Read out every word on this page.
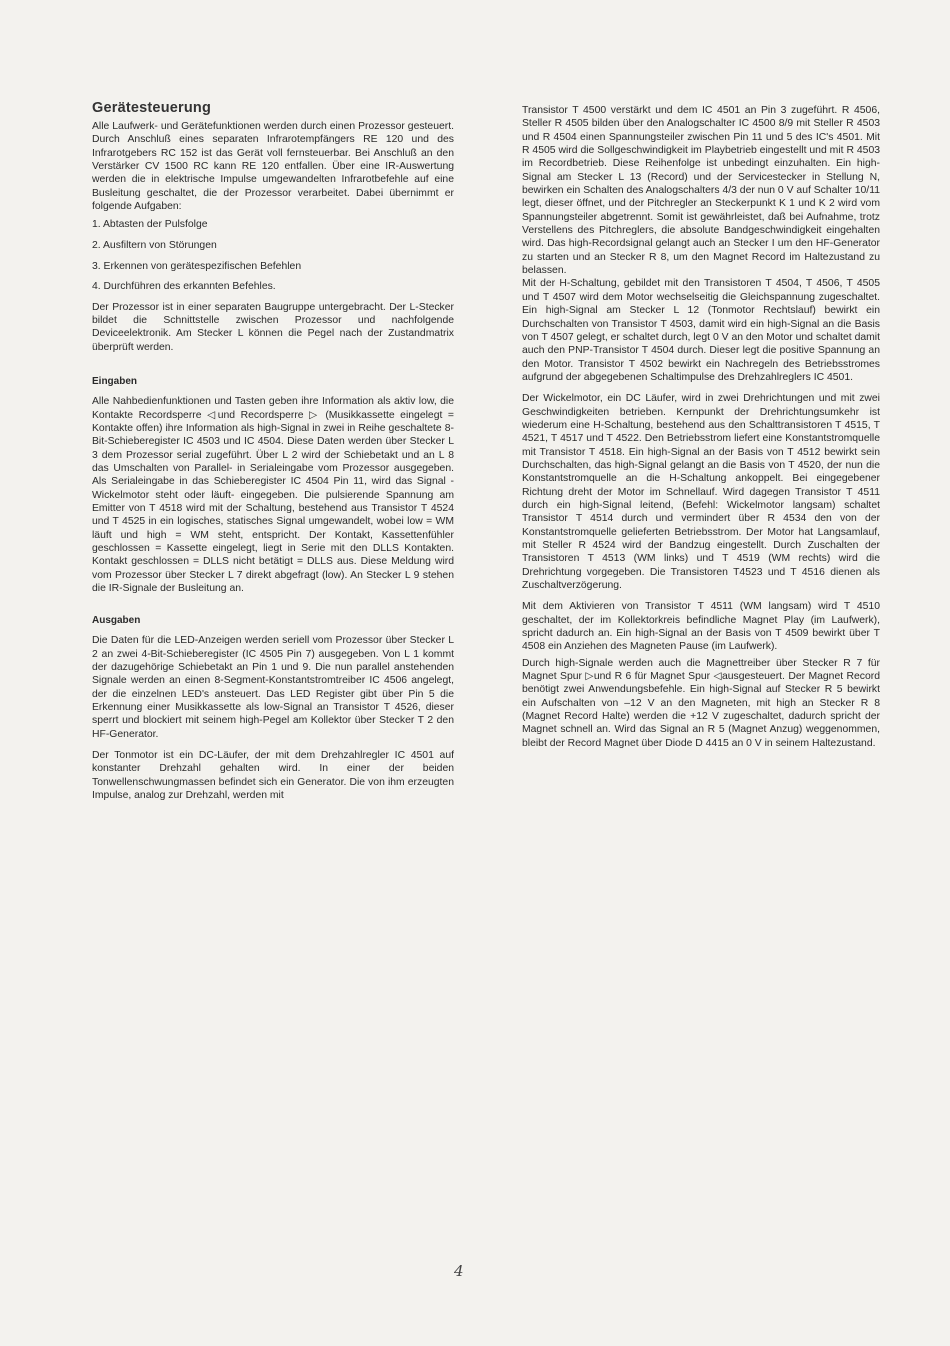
Gerätesteuerung

Alle Laufwerk- und Gerätefunktionen werden durch einen Prozessor gesteuert. Durch Anschluß eines separaten Infrarotempfängers RE 120 und des Infrarotgebers RC 152 ist das Gerät voll fernsteuerbar. Bei Anschluß an den Verstärker CV 1500 RC kann RE 120 entfallen. Über eine IR-Auswertung werden die in elektrische Impulse umgewandelten Infrarotbefehle auf eine Busleitung geschaltet, die der Prozessor verarbeitet. Dabei übernimmt er folgende Aufgaben:

1. Abtasten der Pulsfolge
2. Ausfiltern von Störungen
3. Erkennen von gerätespezifischen Befehlen
4. Durchführen des erkannten Befehles.

Der Prozessor ist in einer separaten Baugruppe untergebracht. Der L-Stecker bildet die Schnittstelle zwischen Prozessor und nachfolgende Deviceelektronik. Am Stecker L können die Pegel nach der Zustandmatrix überprüft werden.

Eingaben

Alle Nahbedienfunktionen und Tasten geben ihre Information als aktiv low, die Kontakte Recordsperre ◁und Recordsperre ▷ (Musikkassette eingelegt = Kontakte offen) ihre Information als high-Signal in zwei in Reihe geschaltete 8-Bit-Schieberegister IC 4503 und IC 4504. Diese Daten werden über Stecker L 3 dem Prozessor serial zugeführt. Über L 2 wird der Schiebetakt und an L 8 das Umschalten von Parallel- in Serialeingabe vom Prozessor ausgegeben. Als Serialeingabe in das Schieberegister IC 4504 Pin 11, wird das Signal -Wickelmotor steht oder läuft- eingegeben. Die pulsierende Spannung am Emitter von T 4518 wird mit der Schaltung, bestehend aus Transistor T 4524 und T 4525 in ein logisches, statisches Signal umgewandelt, wobei low = WM läuft und high = WM steht, entspricht. Der Kontakt, Kassettenfühler geschlossen = Kassette eingelegt, liegt in Serie mit den DLLS Kontakten. Kontakt geschlossen = DLLS nicht betätigt = DLLS aus. Diese Meldung wird vom Prozessor über Stecker L 7 direkt abgefragt (low). An Stecker L 9 stehen die IR-Signale der Busleitung an.

Ausgaben

Die Daten für die LED-Anzeigen werden seriell vom Prozessor über Stecker L 2 an zwei 4-Bit-Schieberegister (IC 4505 Pin 7) ausgegeben. Von L 1 kommt der dazugehörige Schiebetakt an Pin 1 und 9. Die nun parallel anstehenden Signale werden an einen 8-Segment-Konstantstromtreiber IC 4506 angelegt, der die einzelnen LED's ansteuert. Das LED Register gibt über Pin 5 die Erkennung einer Musikkassette als low-Signal an Transistor T 4526, dieser sperrt und blockiert mit seinem high-Pegel am Kollektor über Stecker T 2 den HF-Generator.

Der Tonmotor ist ein DC-Läufer, der mit dem Drehzahlregler IC 4501 auf konstanter Drehzahl gehalten wird. In einer der beiden Tonwellenschwungmassen befindet sich ein Generator. Die von ihm erzeugten Impulse, analog zur Drehzahl, werden mit

Transistor T 4500 verstärkt und dem IC 4501 an Pin 3 zugeführt. R 4506, Steller R 4505 bilden über den Analogschalter IC 4500 8/9 mit Steller R 4503 und R 4504 einen Spannungsteiler zwischen Pin 11 und 5 des IC's 4501. Mit R 4505 wird die Sollgeschwindigkeit im Playbetrieb eingestellt und mit R 4503 im Recordbetrieb. Diese Reihenfolge ist unbedingt einzuhalten. Ein high-Signal am Stecker L 13 (Record) und der Servicestecker in Stellung N, bewirken ein Schalten des Analogschalters 4/3 der nun 0 V auf Schalter 10/11 legt, dieser öffnet, und der Pitchregler an Steckerpunkt K 1 und K 2 wird vom Spannungsteiler abgetrennt. Somit ist gewährleistet, daß bei Aufnahme, trotz Verstellens des Pitchreglers, die absolute Bandgeschwindigkeit eingehalten wird. Das high-Recordsignal gelangt auch an Stecker I um den HF-Generator zu starten und an Stecker R 8, um den Magnet Record im Haltezustand zu belassen.

Mit der H-Schaltung, gebildet mit den Transistoren T 4504, T 4506, T 4505 und T 4507 wird dem Motor wechselseitig die Gleichspannung zugeschaltet. Ein high-Signal am Stecker L 12 (Tonmotor Rechtslauf) bewirkt ein Durchschalten von Transistor T 4503, damit wird ein high-Signal an die Basis von T 4507 gelegt, er schaltet durch, legt 0 V an den Motor und schaltet damit auch den PNP-Transistor T 4504 durch. Dieser legt die positive Spannung an den Motor. Transistor T 4502 bewirkt ein Nachregeln des Betriebsstromes aufgrund der abgegebenen Schaltimpulse des Drehzahlreglers IC 4501.

Der Wickelmotor, ein DC Läufer, wird in zwei Drehrichtungen und mit zwei Geschwindigkeiten betrieben. Kernpunkt der Drehrichtungsumkehr ist wiederum eine H-Schaltung, bestehend aus den Schalttransistoren T 4515, T 4521, T 4517 und T 4522. Den Betriebsstrom liefert eine Konstantstromquelle mit Transistor T 4518. Ein high-Signal an der Basis von T 4512 bewirkt sein Durchschalten, das high-Signal gelangt an die Basis von T 4520, der nun die Konstantstromquelle an die H-Schaltung ankoppelt. Bei eingegebener Richtung dreht der Motor im Schnellauf. Wird dagegen Transistor T 4511 durch ein high-Signal leitend, (Befehl: Wickelmotor langsam) schaltet Transistor T 4514 durch und vermindert über R 4534 den von der Konstantstromquelle gelieferten Betriebsstrom. Der Motor hat Langsamlauf, mit Steller R 4524 wird der Bandzug eingestellt. Durch Zuschalten der Transistoren T 4513 (WM links) und T 4519 (WM rechts) wird die Drehrichtung vorgegeben. Die Transistoren T4523 und T 4516 dienen als Zuschaltverzögerung.

Mit dem Aktivieren von Transistor T 4511 (WM langsam) wird T 4510 geschaltet, der im Kollektorkreis befindliche Magnet Play (im Laufwerk), spricht dadurch an. Ein high-Signal an der Basis von T 4509 bewirkt über T 4508 ein Anziehen des Magneten Pause (im Laufwerk).

Durch high-Signale werden auch die Magnettreiber über Stecker R 7 für Magnet Spur ▷und R 6 für Magnet Spur ◁ausgesteuert. Der Magnet Record benötigt zwei Anwendungsbefehle. Ein high-Signal auf Stecker R 5 bewirkt ein Aufschalten von –12 V an den Magneten, mit high an Stecker R 8 (Magnet Record Halte) werden die +12 V zugeschaltet, dadurch spricht der Magnet schnell an. Wird das Signal an R 5 (Magnet Anzug) weggenommen, bleibt der Record Magnet über Diode D 4415 an 0 V in seinem Haltezustand.

4
